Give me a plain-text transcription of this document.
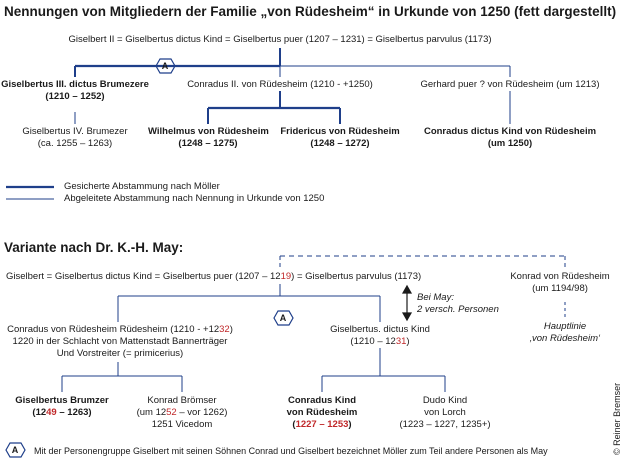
Nennungen von Mitgliedern der Familie „von Rüdesheim“ in Urkunde von 1250 (fett dargestellt)
Giselbert II = Giselbertus dictus Kind = Giselbertus puer (1207 – 1231) = Giselbertus parvulus (1173)
A
Giselbertus III. dictus Brumezere
(1210 – 1252)
Conradus II. von Rüdesheim (1210 - +1250)	Gerhard puer ? von Rüdesheim (um 1213)
Giselbertus IV. Brumezer
(ca. 1255 – 1263)
Wilhelmus von Rüdesheim
(1248 – 1275)
Fridericus von Rüdesheim
(1248 – 1272)
Conradus dictus Kind von Rüdesheim
(um 1250)
Gesicherte Abstammung nach Möller
Abgeleitete Abstammung nach Nennung in Urkunde von 1250
Variante nach Dr. K.-H. May:
Giselbert = Giselbertus dictus Kind = Giselbertus puer (1207 – 1219) = Giselbertus parvulus (1173)	Konrad von Rüdesheim
(um 1194/98)
Hauptlinie
‚von Rüdesheim‘
Bei May:
2 versch. Personen
A
Conradus von Rüdesheim Rüdesheim (1210 - +1232)
1220 in der Schlacht von Mattenstadt Bannerträger
Und Vorstreiter (= primicerius)
Giselbertus. dictus Kind
(1210 – 1231)
Giselbertus Brumzer
(1249 – 1263)
Konrad Brömser
(um 1252 – vor 1262)
1251 Vicedom
Conradus Kind
von Rüdesheim
(1227 – 1253)
Dudo Kind
von Lorch
(1223 – 1227, 1235+)
A	Mit der Personengruppe Giselbert mit seinen Söhnen Conrad und Giselbert bezeichnet Möller zum Teil andere Personen als May	© Reiner Bremser
